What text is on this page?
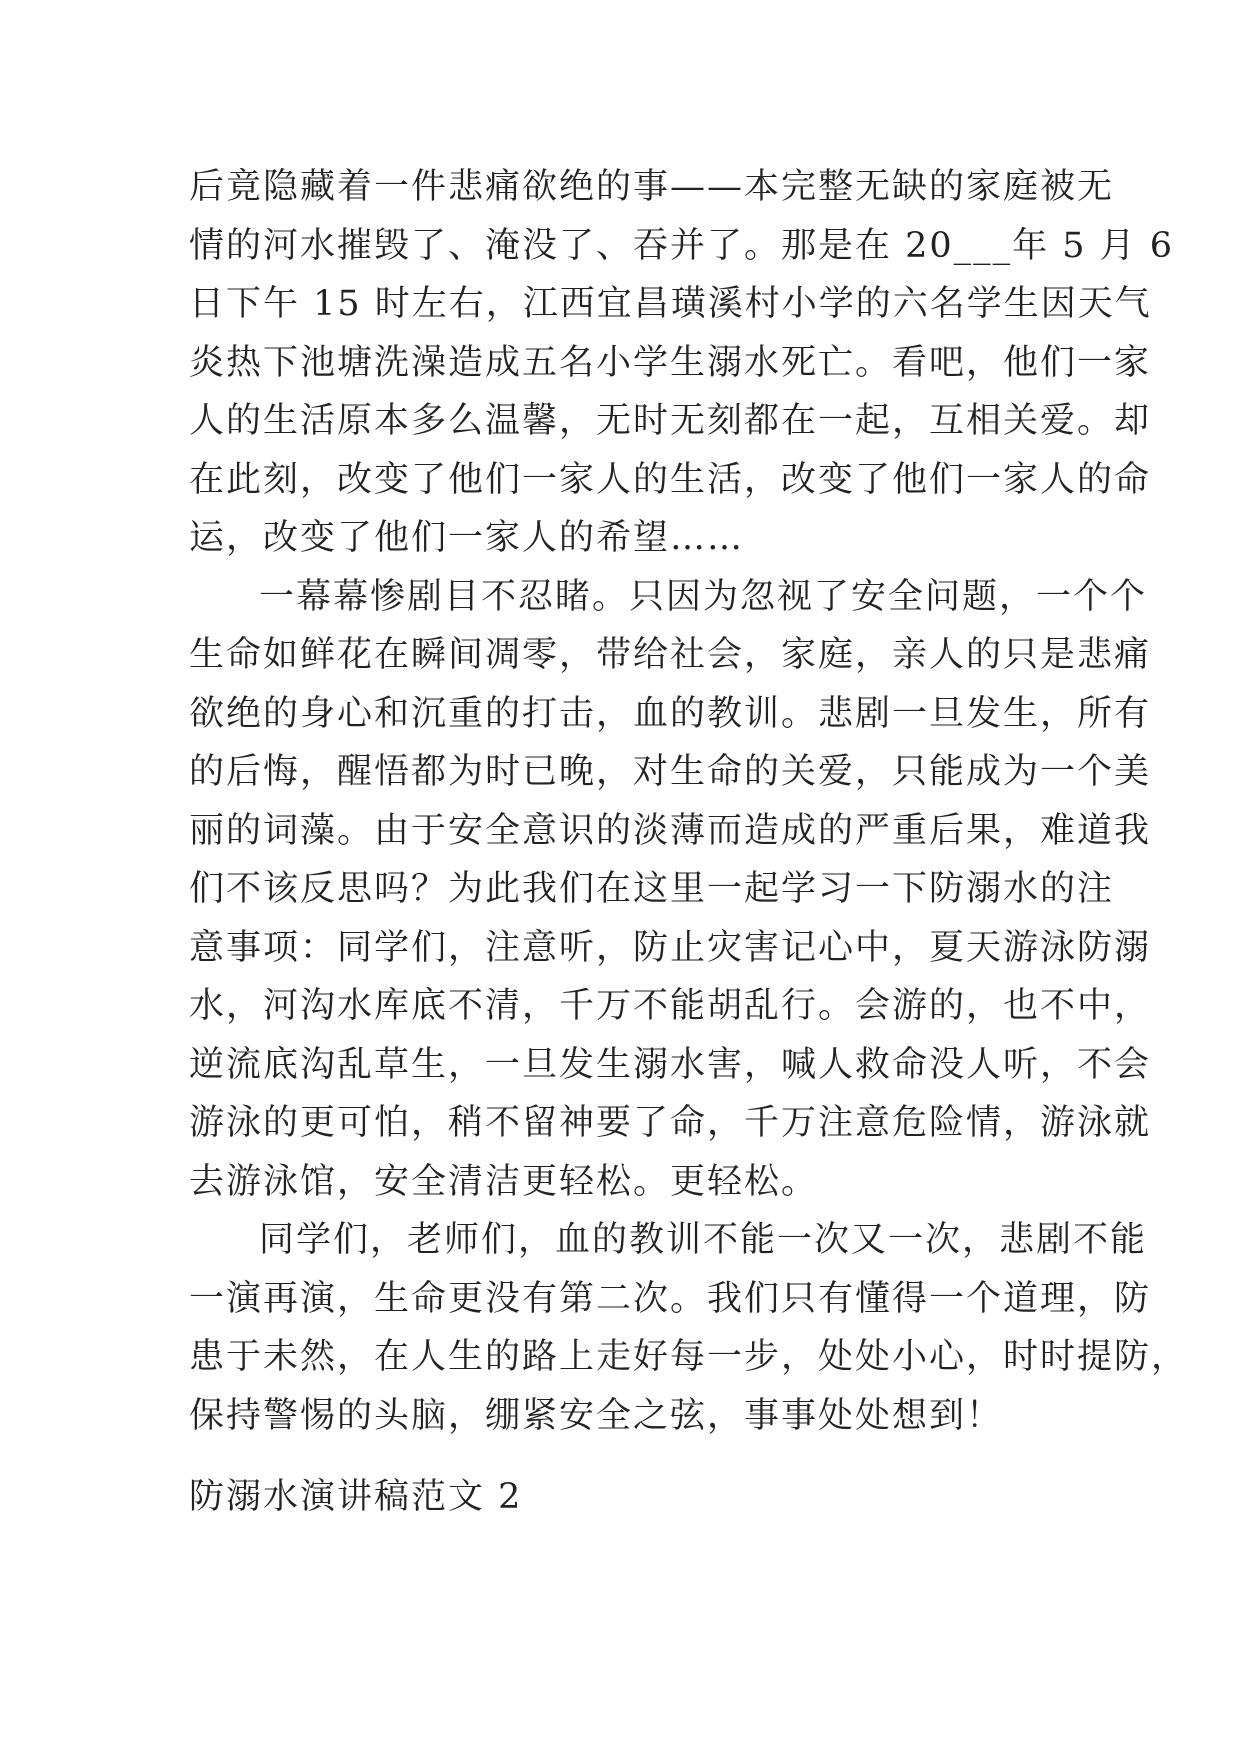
后竟隐藏着一件悲痛欲绝的事——本完整无缺的家庭被无
情的河水摧毁了、淹没了、吞并了。那是在 20___年 5 月 6
日下午 15 时左右，江西宜昌璜溪村小学的六名学生因天气
炎热下池塘洗澡造成五名小学生溺水死亡。看吧，他们一家
人的生活原本多么温馨，无时无刻都在一起，互相关爱。却
在此刻，改变了他们一家人的生活，改变了他们一家人的命
运，改变了他们一家人的希望……
一幕幕惨剧目不忍睹。只因为忽视了安全问题，一个个
生命如鲜花在瞬间凋零，带给社会，家庭，亲人的只是悲痛
欲绝的身心和沉重的打击，血的教训。悲剧一旦发生，所有
的后悔，醒悟都为时已晚，对生命的关爱，只能成为一个美
丽的词藻。由于安全意识的淡薄而造成的严重后果，难道我
们不该反思吗？为此我们在这里一起学习一下防溺水的注
意事项：同学们，注意听，防止灾害记心中，夏天游泳防溺
水，河沟水库底不清，千万不能胡乱行。会游的，也不中，
逆流底沟乱草生，一旦发生溺水害，喊人救命没人听，不会
游泳的更可怕，稍不留神要了命，千万注意危险情，游泳就
去游泳馆，安全清洁更轻松。更轻松。
同学们，老师们，血的教训不能一次又一次，悲剧不能
一演再演，生命更没有第二次。我们只有懂得一个道理，防
患于未然，在人生的路上走好每一步，处处小心，时时提防，
保持警惕的头脑，绷紧安全之弦，事事处处想到！
防溺水演讲稿范文 2
